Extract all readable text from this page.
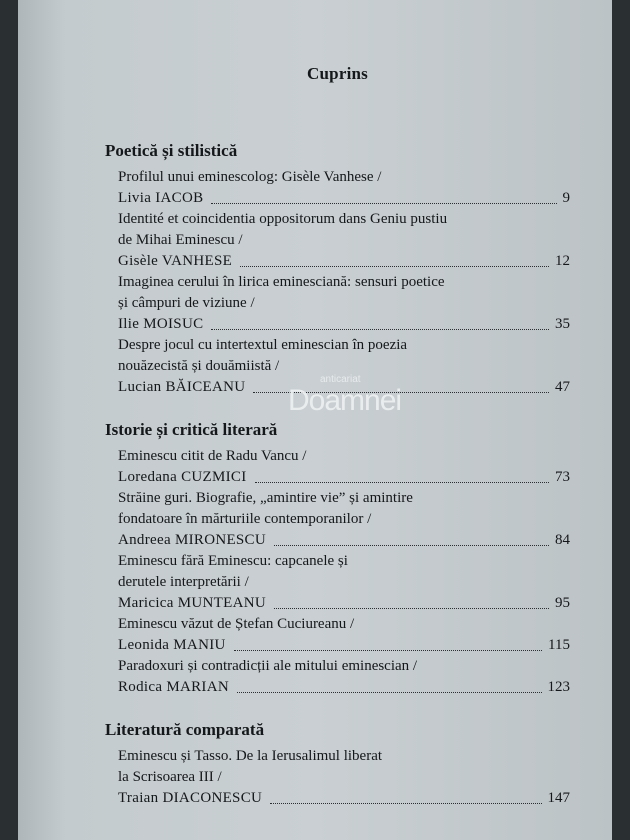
Cuprins
Poetică și stilistică
Profilul unui eminescolog: Gisèle Vanhese /
Livia IACOB	9
Identité et coincidentia oppositorum dans Geniu pustiu
de Mihai Eminescu /
Gisèle VANHESE	12
Imaginea cerului în lirica eminesciană: sensuri poetice
și câmpuri de viziune /
Ilie MOISUC	35
Despre jocul cu intertextul eminescian în poezia
nouăzecistă și douămiistă /
Lucian BĂICEANU	47
Istorie și critică literară
Eminescu citit de Radu Vancu /
Loredana CUZMICI	73
Străine guri. Biografie, „amintire vie” și amintire
fondatoare în mărturiile contemporanilor /
Andreea MIRONESCU	84
Eminescu fără Eminescu: capcanele și
derutele interpretării /
Maricica MUNTEANU	95
Eminescu văzut de Ștefan Cuciureanu /
Leonida MANIU	115
Paradoxuri și contradicții ale mitului eminescian /
Rodica MARIAN	123
Literatură comparată
Eminescu și Tasso. De la Ierusalimul liberat
la Scrisoarea III /
Traian DIACONESCU	147
anticariat
Doamnei
